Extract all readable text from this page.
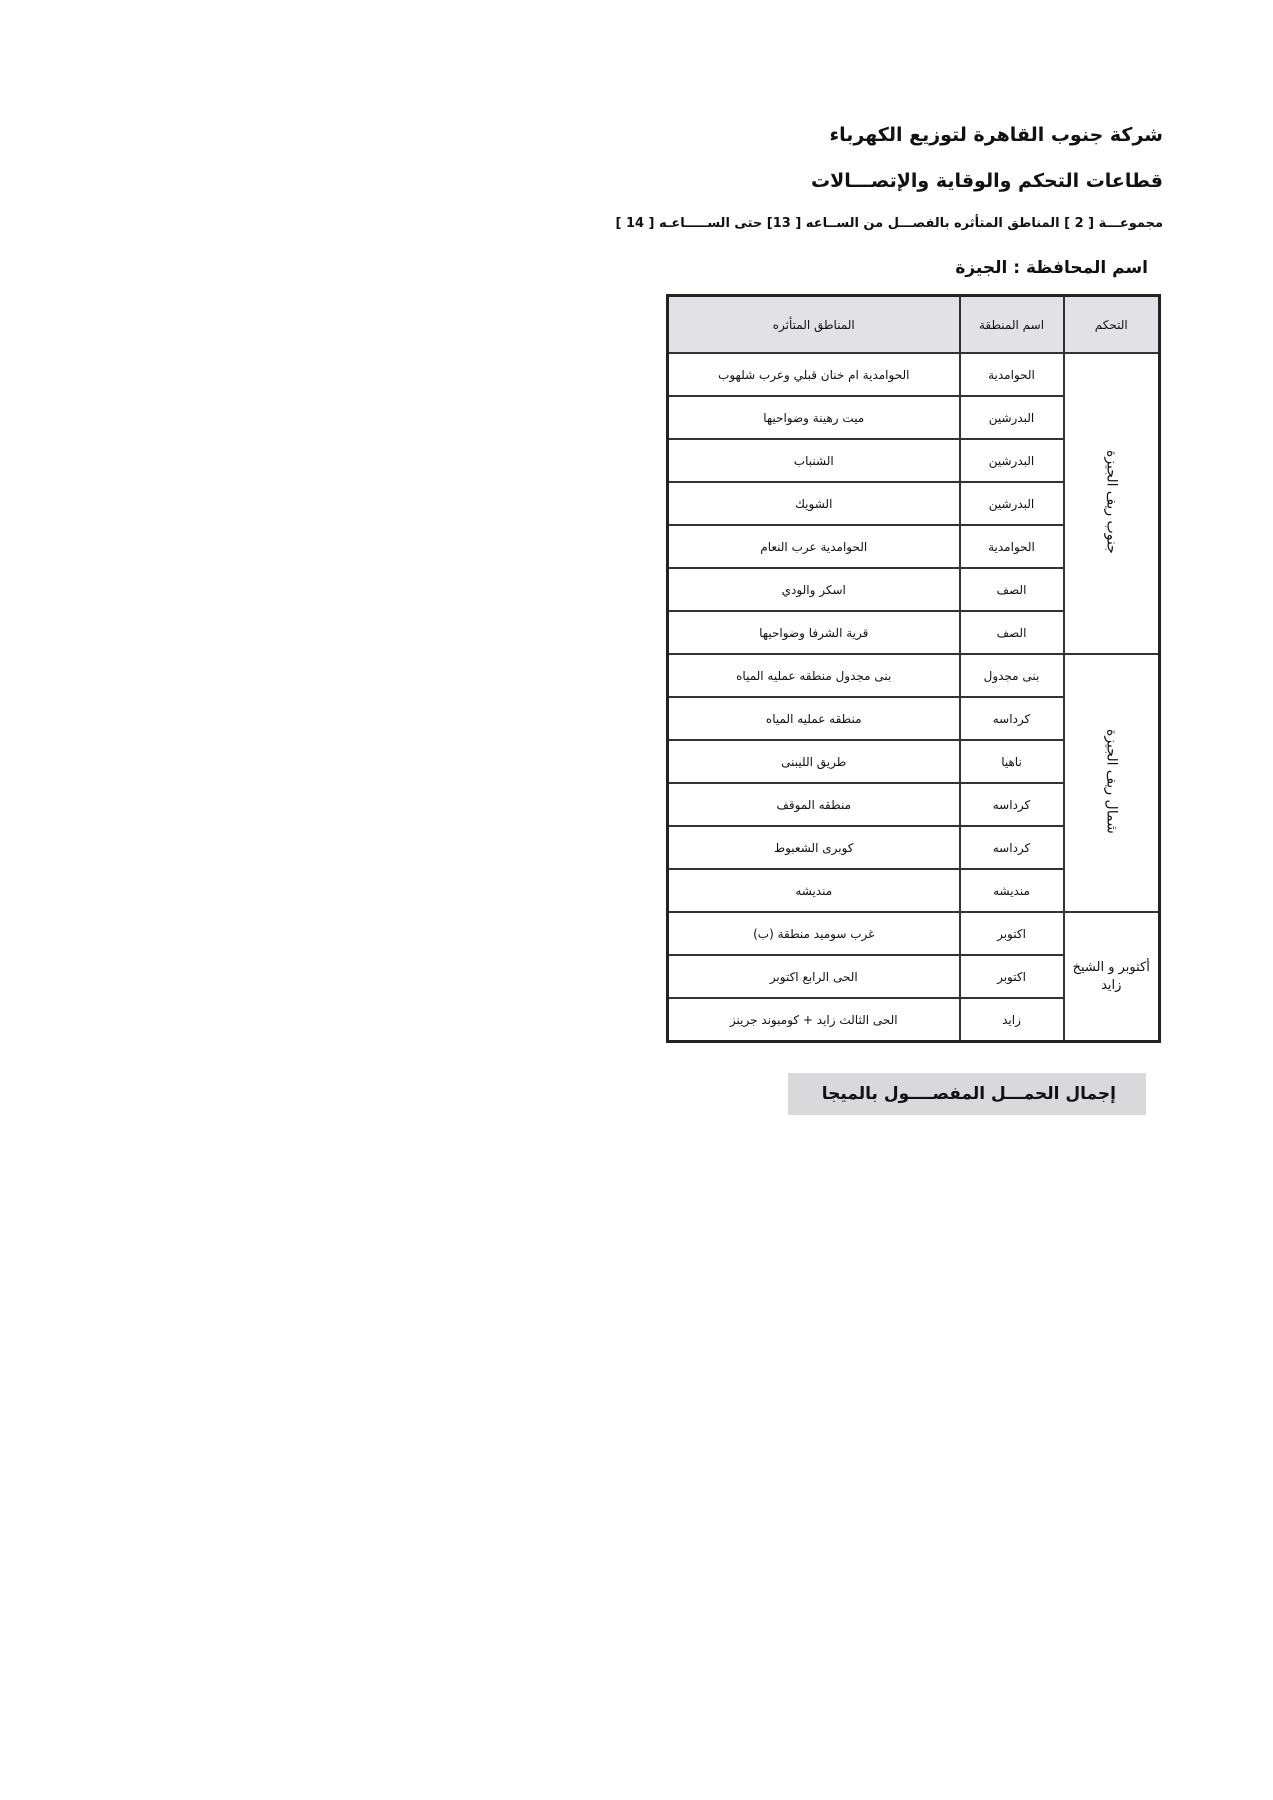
شركة جنوب القاهرة لتوزيع الكهرباء
قطاعات التحكم والوقاية والإتصـــالات
مجموعـــة [ 2 ] المناطق المتأثره بالفصـــل من الســاعه [ 13] حتى الســـــاعـه [ 14 ]
اسم المحافظة : الجيزة
التحكم	اسم المنطقة	المناطق المتأثره
جنوب ريف الجيزة	الحوامدية	الحوامدية ام خنان قبلي وعرب شلهوب
	البدرشين	ميت رهينة وضواحيها
	البدرشين	الشنباب
	البدرشين	الشويك
	الحوامدية	الحوامدية عرب النعام
	الصف	اسكر والودي
	الصف	قرية الشرفا وضواحيها
شمال ريف الجيزة	بنى مجدول	بنى مجدول منطقه عمليه المياه
	كرداسه	منطقه عمليه المياه
	ناهيا	طريق الليبنى
	كرداسه	منطقه الموقف
	كرداسه	كوبرى الشعبوط
	منديشه	منديشه
أكتوبر و الشيخ زايد	اكتوبر	غرب سوميد منطقة (ب)
	اكتوبر	الحى الرابع اكتوبر
	زايد	الحى الثالث زايد + كومبوند جرينز
إجمال الحمـــل المفصــــول بالميجا
